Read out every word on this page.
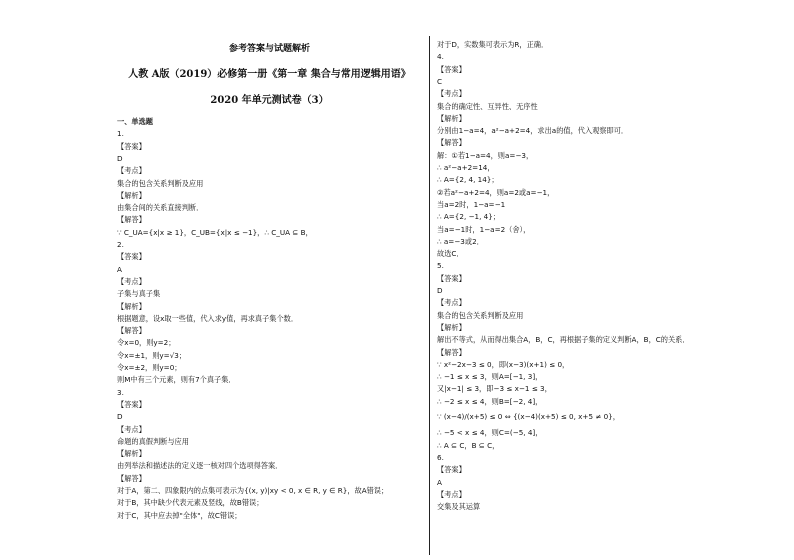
参考答案与试题解析
人教 A版（2019）必修第一册《第一章 集合与常用逻辑用语》
2020 年单元测试卷（3）
一、单选题
1.
【答案】
D
【考点】
集合的包含关系判断及应用
【解析】
由集合间的关系直接判断．
【解答】
∵ C_UA={x|x ≥ 1}，C_UB={x|x ≤ −1}，∴ C_UA ⊆ B，
2.
【答案】
A
【考点】
子集与真子集
【解析】
根据题意，设x取一些值，代入求y值，再求真子集个数．
【解答】
令x=0，则y=2；
令x=±1，则y=√3；
令x=±2，则y=0；
则M中有三个元素，则有7个真子集．
3.
【答案】
D
【考点】
命题的真假判断与应用
【解析】
由列举法和描述法的定义逐一核对四个选项得答案．
【解答】
对于A，第二、四象限内的点集可表示为{(x, y)|xy < 0, x ∈ R, y ∈ R}，故A错误；
对于B，其中缺少代表元素及竖线，故B错误；
对于C，其中应去掉"全体"，故C错误；
对于D，实数集可表示为R，正确．
4.
【答案】
C
【考点】
集合的确定性、互异性、无序性
【解析】
分别由1−a=4，a²−a+2=4，求出a的值，代入观察即可．
【解答】
解：①若1−a=4，则a=−3，
∴ a²−a+2=14，
∴ A={2, 4, 14}；
②若a²−a+2=4，则a=2或a=−1，
当a=2时，1−a=−1
∴ A={2, −1, 4}；
当a=−1时，1−a=2（舍），
∴ a=−3或2．
故选C．
5.
【答案】
D
【考点】
集合的包含关系判断及应用
【解析】
解出不等式，从而得出集合A，B，C，再根据子集的定义判断A，B，C的关系．
【解答】
∵ x²−2x−3 ≤ 0，即(x−3)(x+1) ≤ 0，
∴ −1 ≤ x ≤ 3，则A=[−1, 3]，
又|x−1| ≤ 3，即−3 ≤ x−1 ≤ 3，
∴ −2 ≤ x ≤ 4，则B=[−2, 4]，
∵ (x−4)/(x+5) ≤ 0 ⇔ {(x−4)(x+5) ≤ 0, x+5 ≠ 0}，
∴ −5 < x ≤ 4，则C=(−5, 4]，
∴ A ⊆ C，B ⊆ C，
6.
【答案】
A
【考点】
交集及其运算
